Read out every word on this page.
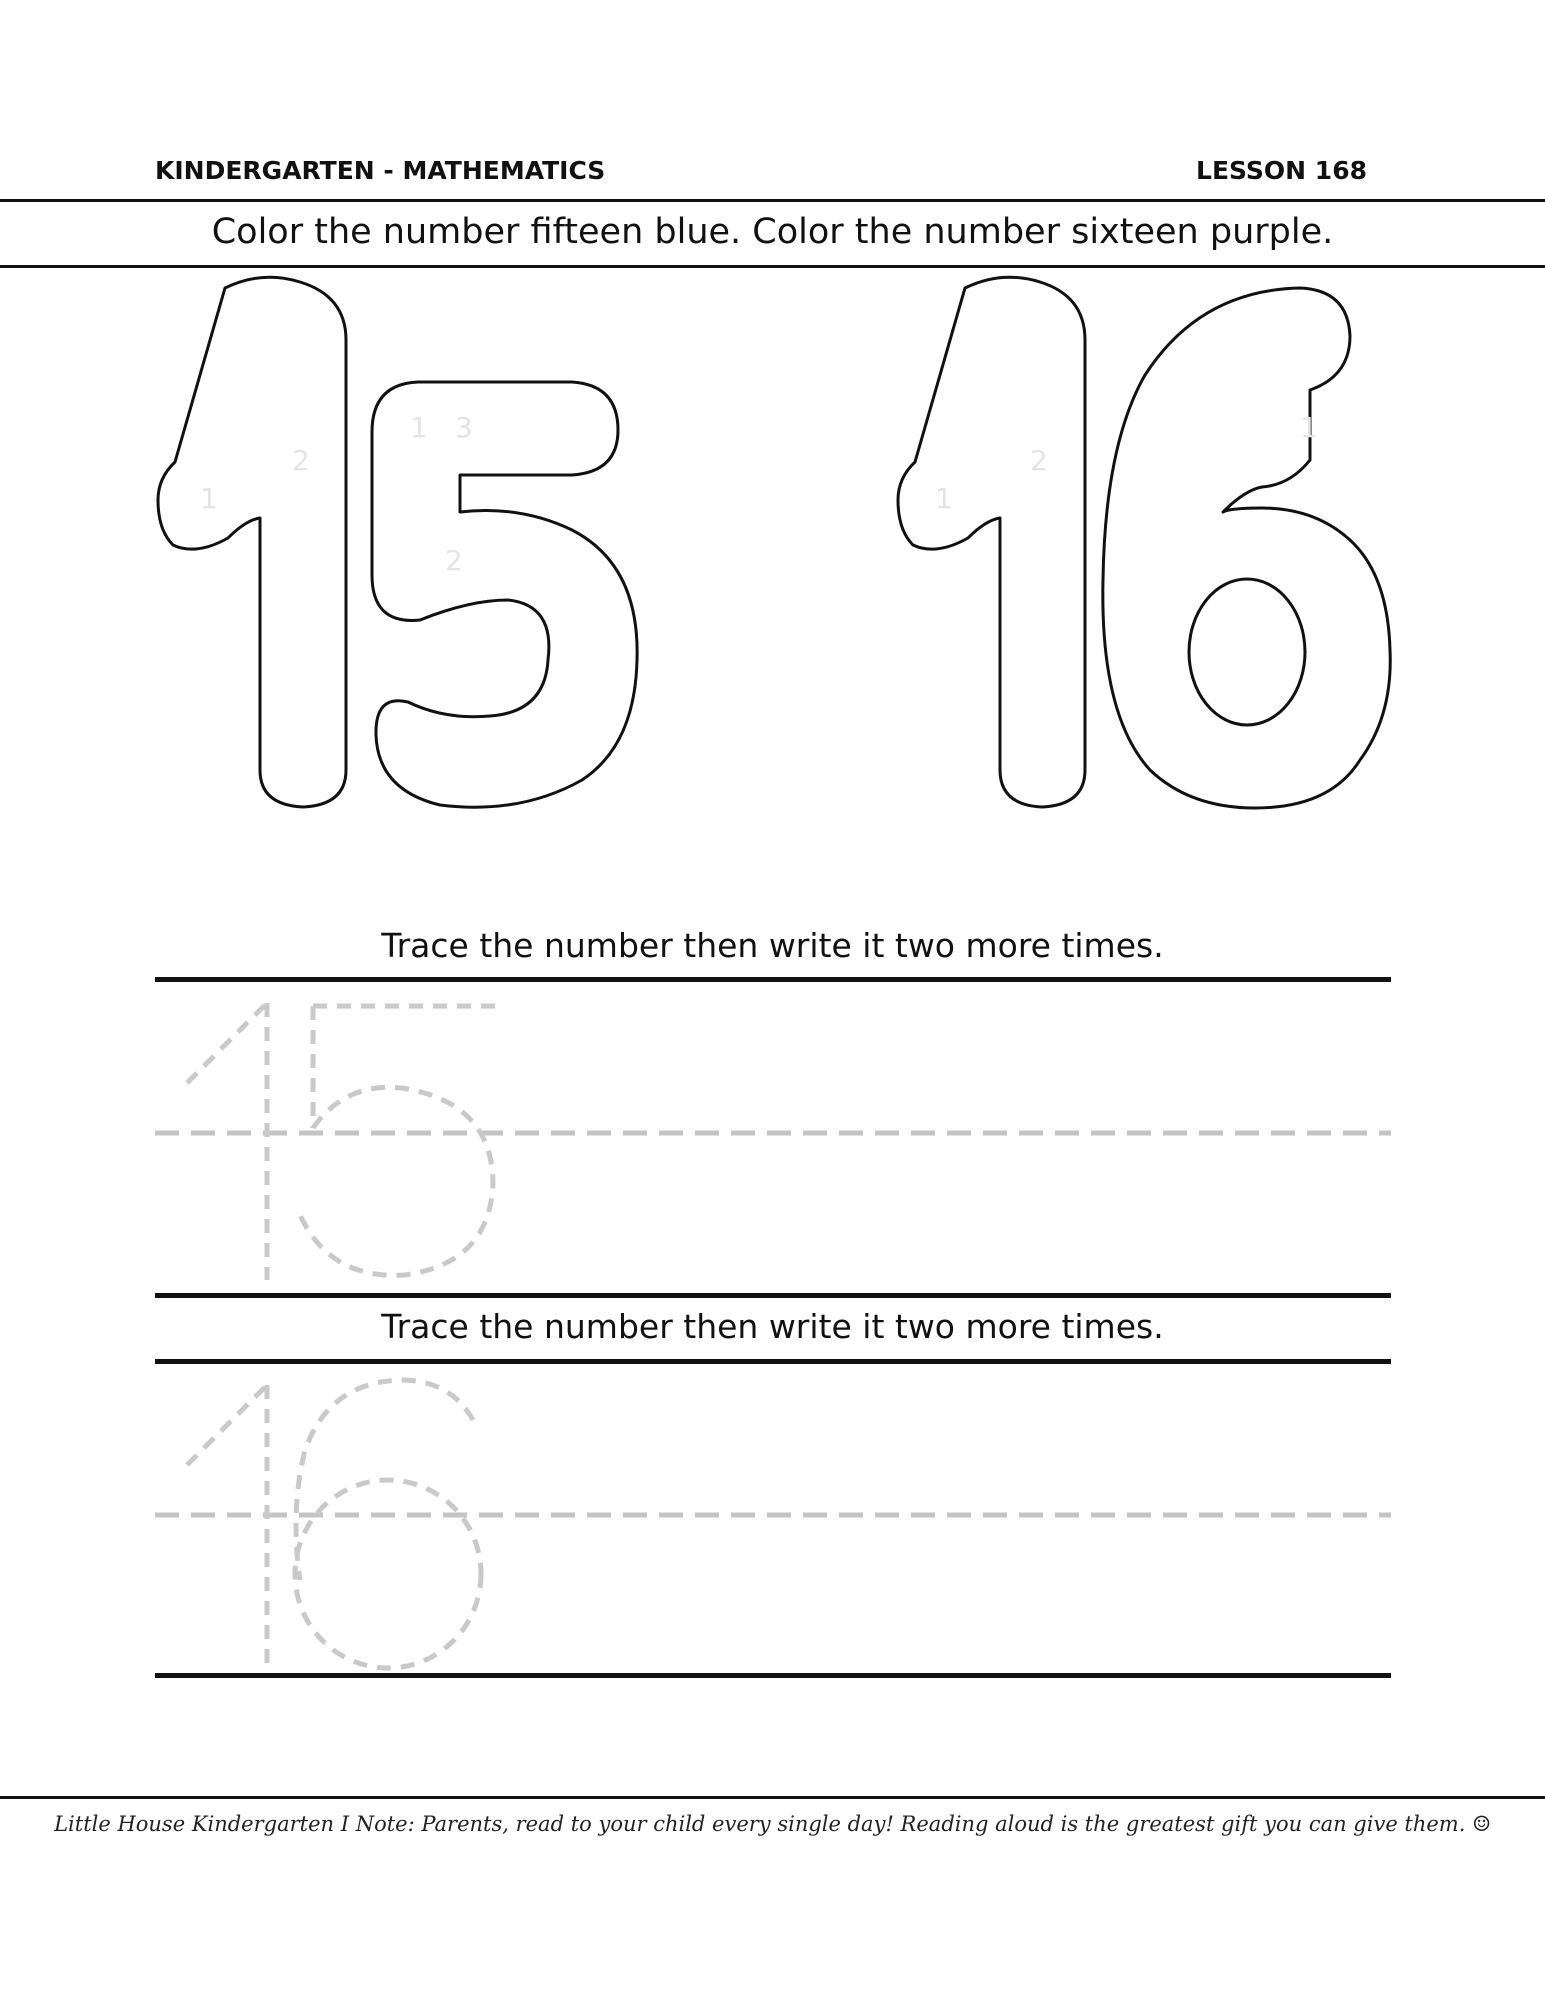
KINDERGARTEN - MATHEMATICS	LESSON 168
Color the number fifteen blue. Color the number sixteen purple.
1
2
1
2
3
1
2
1
Trace the number then write it two more times.
Trace the number then write it two more times.
Little House Kindergarten I Note: Parents, read to your child every single day! Reading aloud is the greatest gift you can give them. ☺
